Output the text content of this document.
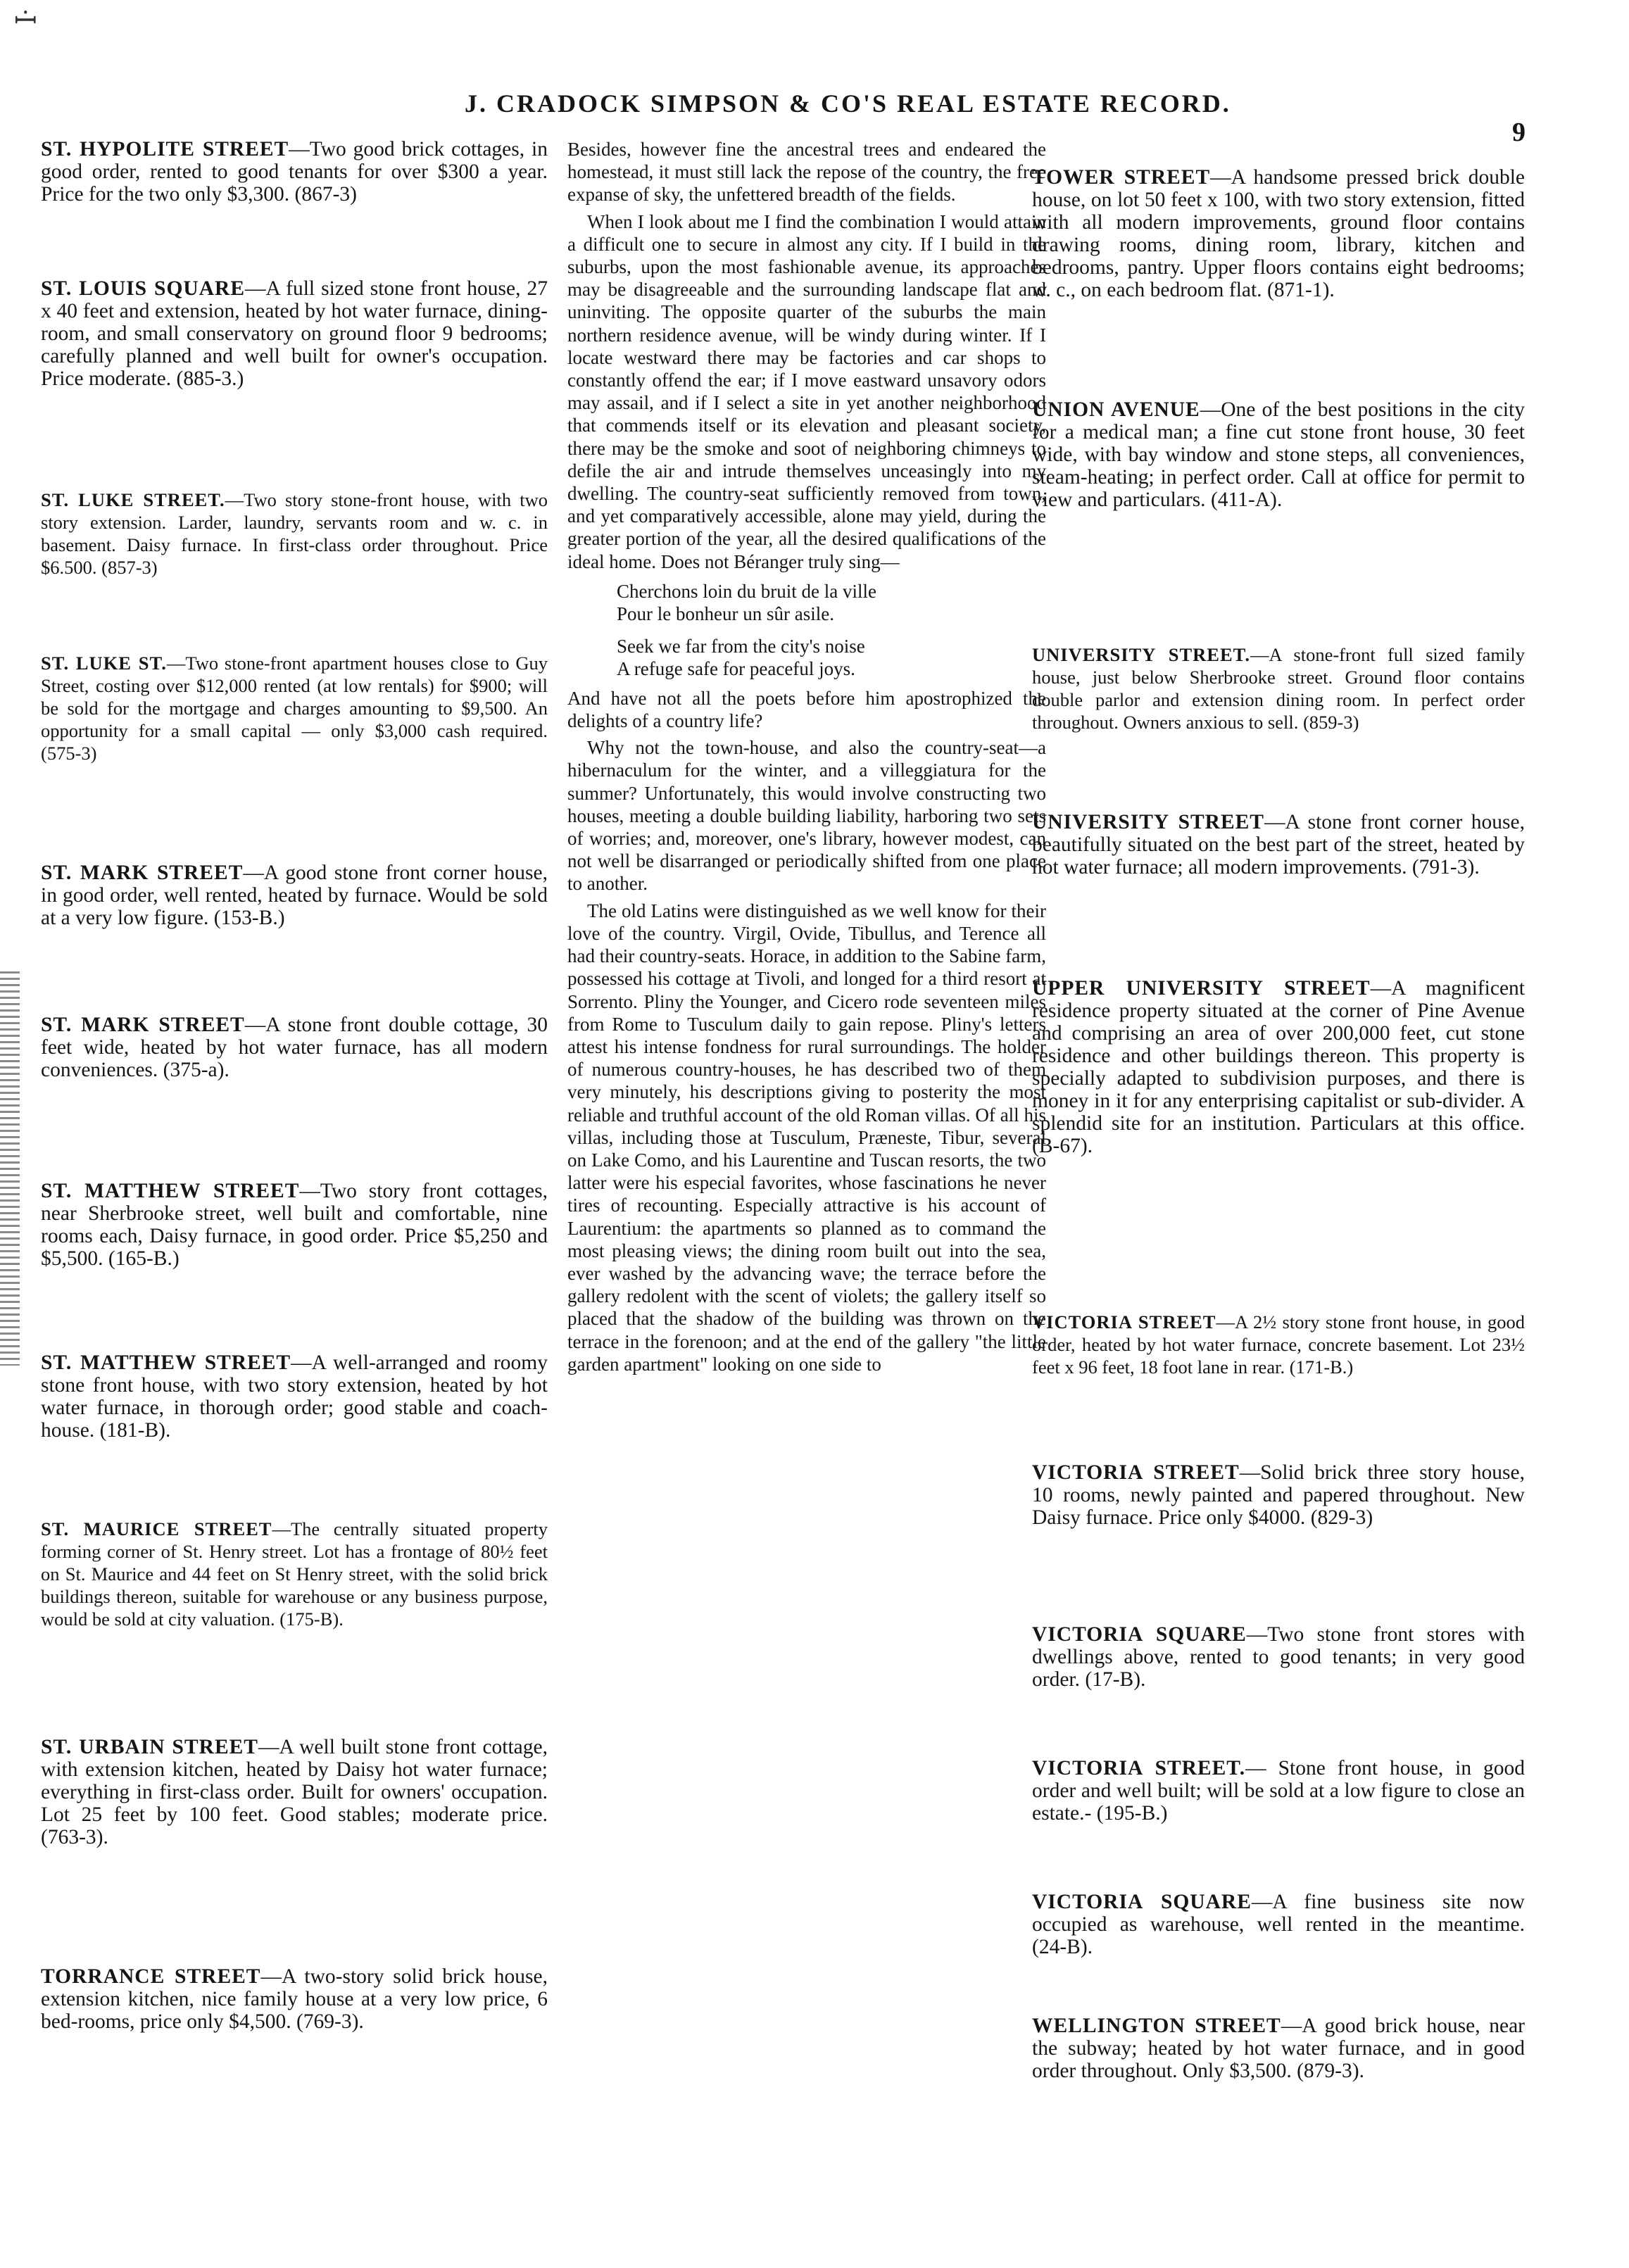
ꟷ̇
J. CRADOCK SIMPSON & CO'S REAL ESTATE RECORD.
9

ST. HYPOLITE STREET—Two good brick cottages, in good order, rented to good tenants for over $300 a year. Price for the two only $3,300. (867-3)

ST. LOUIS SQUARE—A full sized stone front house, 27 x 40 feet and extension, heated by hot water furnace, dining-room, and small conservatory on ground floor 9 bedrooms; carefully planned and well built for owner's occupation. Price moderate. (885-3.)

ST. LUKE STREET.—Two story stone-front house, with two story extension. Larder, laundry, servants room and w. c. in basement. Daisy furnace. In first-class order throughout. Price $6.500. (857-3)

ST. LUKE ST.—Two stone-front apartment houses close to Guy Street, costing over $12,000 rented (at low rentals) for $900; will be sold for the mortgage and charges amounting to $9,500. An opportunity for a small capital — only $3,000 cash required. (575-3)

ST. MARK STREET—A good stone front corner house, in good order, well rented, heated by furnace. Would be sold at a very low figure. (153-B.)

ST. MARK STREET—A stone front double cottage, 30 feet wide, heated by hot water furnace, has all modern conveniences. (375-a).

ST. MATTHEW STREET—Two story front cottages, near Sherbrooke street, well built and comfortable, nine rooms each, Daisy furnace, in good order. Price $5,250 and $5,500. (165-B.)

ST. MATTHEW STREET—A well-arranged and roomy stone front house, with two story extension, heated by hot water furnace, in thorough order; good stable and coach-house. (181-B).

ST. MAURICE STREET—The centrally situated property forming corner of St. Henry street. Lot has a frontage of 80½ feet on St. Maurice and 44 feet on St Henry street, with the solid brick buildings thereon, suitable for warehouse or any business purpose, would be sold at city valuation. (175-B).

ST. URBAIN STREET—A well built stone front cottage, with extension kitchen, heated by Daisy hot water furnace; everything in first-class order. Built for owners' occupation. Lot 25 feet by 100 feet. Good stables; moderate price. (763-3).

TORRANCE STREET—A two-story solid brick house, extension kitchen, nice family house at a very low price, 6 bed-rooms, price only $4,500. (769-3).

Besides, however fine the ancestral trees and endeared the homestead, it must still lack the repose of the country, the free expanse of sky, the unfettered breadth of the fields.

When I look about me I find the combination I would attain a difficult one to secure in almost any city. If I build in the suburbs, upon the most fashionable avenue, its approaches may be disagreeable and the surrounding landscape flat and uninviting. The opposite quarter of the suburbs the main northern residence avenue, will be windy during winter. If I locate westward there may be factories and car shops to constantly offend the ear; if I move eastward unsavory odors may assail, and if I select a site in yet another neighborhood that commends itself or its elevation and pleasant society, there may be the smoke and soot of neighboring chimneys to defile the air and intrude themselves unceasingly into my dwelling. The country-seat sufficiently removed from town, and yet comparatively accessible, alone may yield, during the greater portion of the year, all the desired qualifications of the ideal home. Does not Béranger truly sing—

Cherchons loin du bruit de la ville
Pour le bonheur un sûr asile.
Seek we far from the city's noise
A refuge safe for peaceful joys.

And have not all the poets before him apostrophized the delights of a country life?

Why not the town-house, and also the country-seat—a hibernaculum for the winter, and a villeggiatura for the summer? Unfortunately, this would involve constructing two houses, meeting a double building liability, harboring two sets of worries; and, moreover, one's library, however modest, can not well be disarranged or periodically shifted from one place to another.

The old Latins were distinguished as we well know for their love of the country. Virgil, Ovide, Tibullus, and Terence all had their country-seats. Horace, in addition to the Sabine farm, possessed his cottage at Tivoli, and longed for a third resort at Sorrento. Pliny the Younger, and Cicero rode seventeen miles from Rome to Tusculum daily to gain repose. Pliny's letters attest his intense fondness for rural surroundings. The holder of numerous country-houses, he has described two of them very minutely, his descriptions giving to posterity the most reliable and truthful account of the old Roman villas. Of all his villas, including those at Tusculum, Præneste, Tibur, several on Lake Como, and his Laurentine and Tuscan resorts, the two latter were his especial favorites, whose fascinations he never tires of recounting. Especially attractive is his account of Laurentium: the apartments so planned as to command the most pleasing views; the dining room built out into the sea, ever washed by the advancing wave; the terrace before the gallery redolent with the scent of violets; the gallery itself so placed that the shadow of the building was thrown on the terrace in the forenoon; and at the end of the gallery "the little garden apartment" looking on one side to

TOWER STREET—A handsome pressed brick double house, on lot 50 feet x 100, with two story extension, fitted with all modern improvements, ground floor contains drawing rooms, dining room, library, kitchen and bedrooms, pantry. Upper floors contains eight bedrooms; w. c., on each bedroom flat. (871-1).

UNION AVENUE—One of the best positions in the city for a medical man; a fine cut stone front house, 30 feet wide, with bay window and stone steps, all conveniences, steam-heating; in perfect order. Call at office for permit to view and particulars. (411-A).

UNIVERSITY STREET.—A stone-front full sized family house, just below Sherbrooke street. Ground floor contains double parlor and extension dining room. In perfect order throughout. Owners anxious to sell. (859-3)

UNIVERSITY STREET—A stone front corner house, beautifully situated on the best part of the street, heated by hot water furnace; all modern improvements. (791-3).

UPPER UNIVERSITY STREET—A magnificent residence property situated at the corner of Pine Avenue and comprising an area of over 200,000 feet, cut stone residence and other buildings thereon. This property is specially adapted to subdivision purposes, and there is money in it for any enterprising capitalist or sub-divider. A splendid site for an institution. Particulars at this office. (B-67).

VICTORIA STREET—A 2½ story stone front house, in good order, heated by hot water furnace, concrete basement. Lot 23½ feet x 96 feet, 18 foot lane in rear. (171-B.)

VICTORIA STREET—Solid brick three story house, 10 rooms, newly painted and papered throughout. New Daisy furnace. Price only $4000. (829-3)

VICTORIA SQUARE—Two stone front stores with dwellings above, rented to good tenants; in very good order. (17-B).

VICTORIA STREET.— Stone front house, in good order and well built; will be sold at a low figure to close an estate.- (195-B.)

VICTORIA SQUARE—A fine business site now occupied as warehouse, well rented in the meantime. (24-B).

WELLINGTON STREET—A good brick house, near the subway; heated by hot water furnace, and in good order throughout. Only $3,500. (879-3).
